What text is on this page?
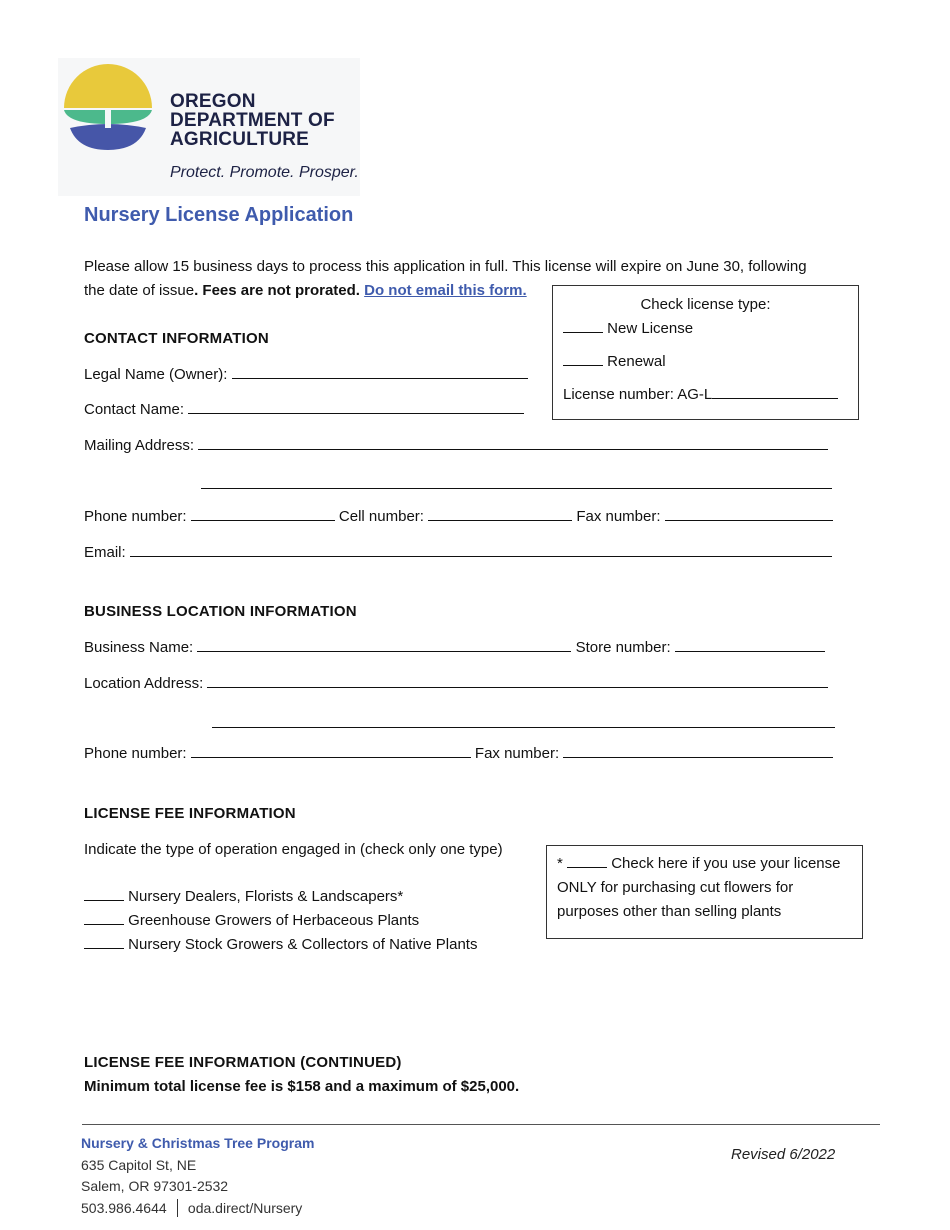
OREGON
DEPARTMENT OF
AGRICULTURE
Protect. Promote. Prosper.
Nursery License Application
Please allow 15 business days to process this application in full. This license will expire on June 30, following
the date of issue. Fees are not prorated. Do not email this form.
Check license type:
New License
Renewal
License number: AG-L
CONTACT INFORMATION
Legal Name (Owner):
Contact Name:
Mailing Address:
Phone number:	Cell number:	Fax number:
Email:
BUSINESS LOCATION INFORMATION
Business Name:	Store number:
Location Address:
Phone number:	Fax number:
LICENSE FEE INFORMATION
Indicate the type of operation engaged in (check only one type)
Nursery Dealers, Florists & Landscapers*
Greenhouse Growers of Herbaceous Plants
Nursery Stock Growers & Collectors of Native Plants
*	Check here if you use your license
ONLY for purchasing cut flowers for
purposes other than selling plants
LICENSE FEE INFORMATION (CONTINUED)
Minimum total license fee is $158 and a maximum of $25,000.
Nursery & Christmas Tree Program
635 Capitol St, NE
Salem, OR 97301-2532
503.986.4644 oda.direct/Nursery
Revised 6/2022
